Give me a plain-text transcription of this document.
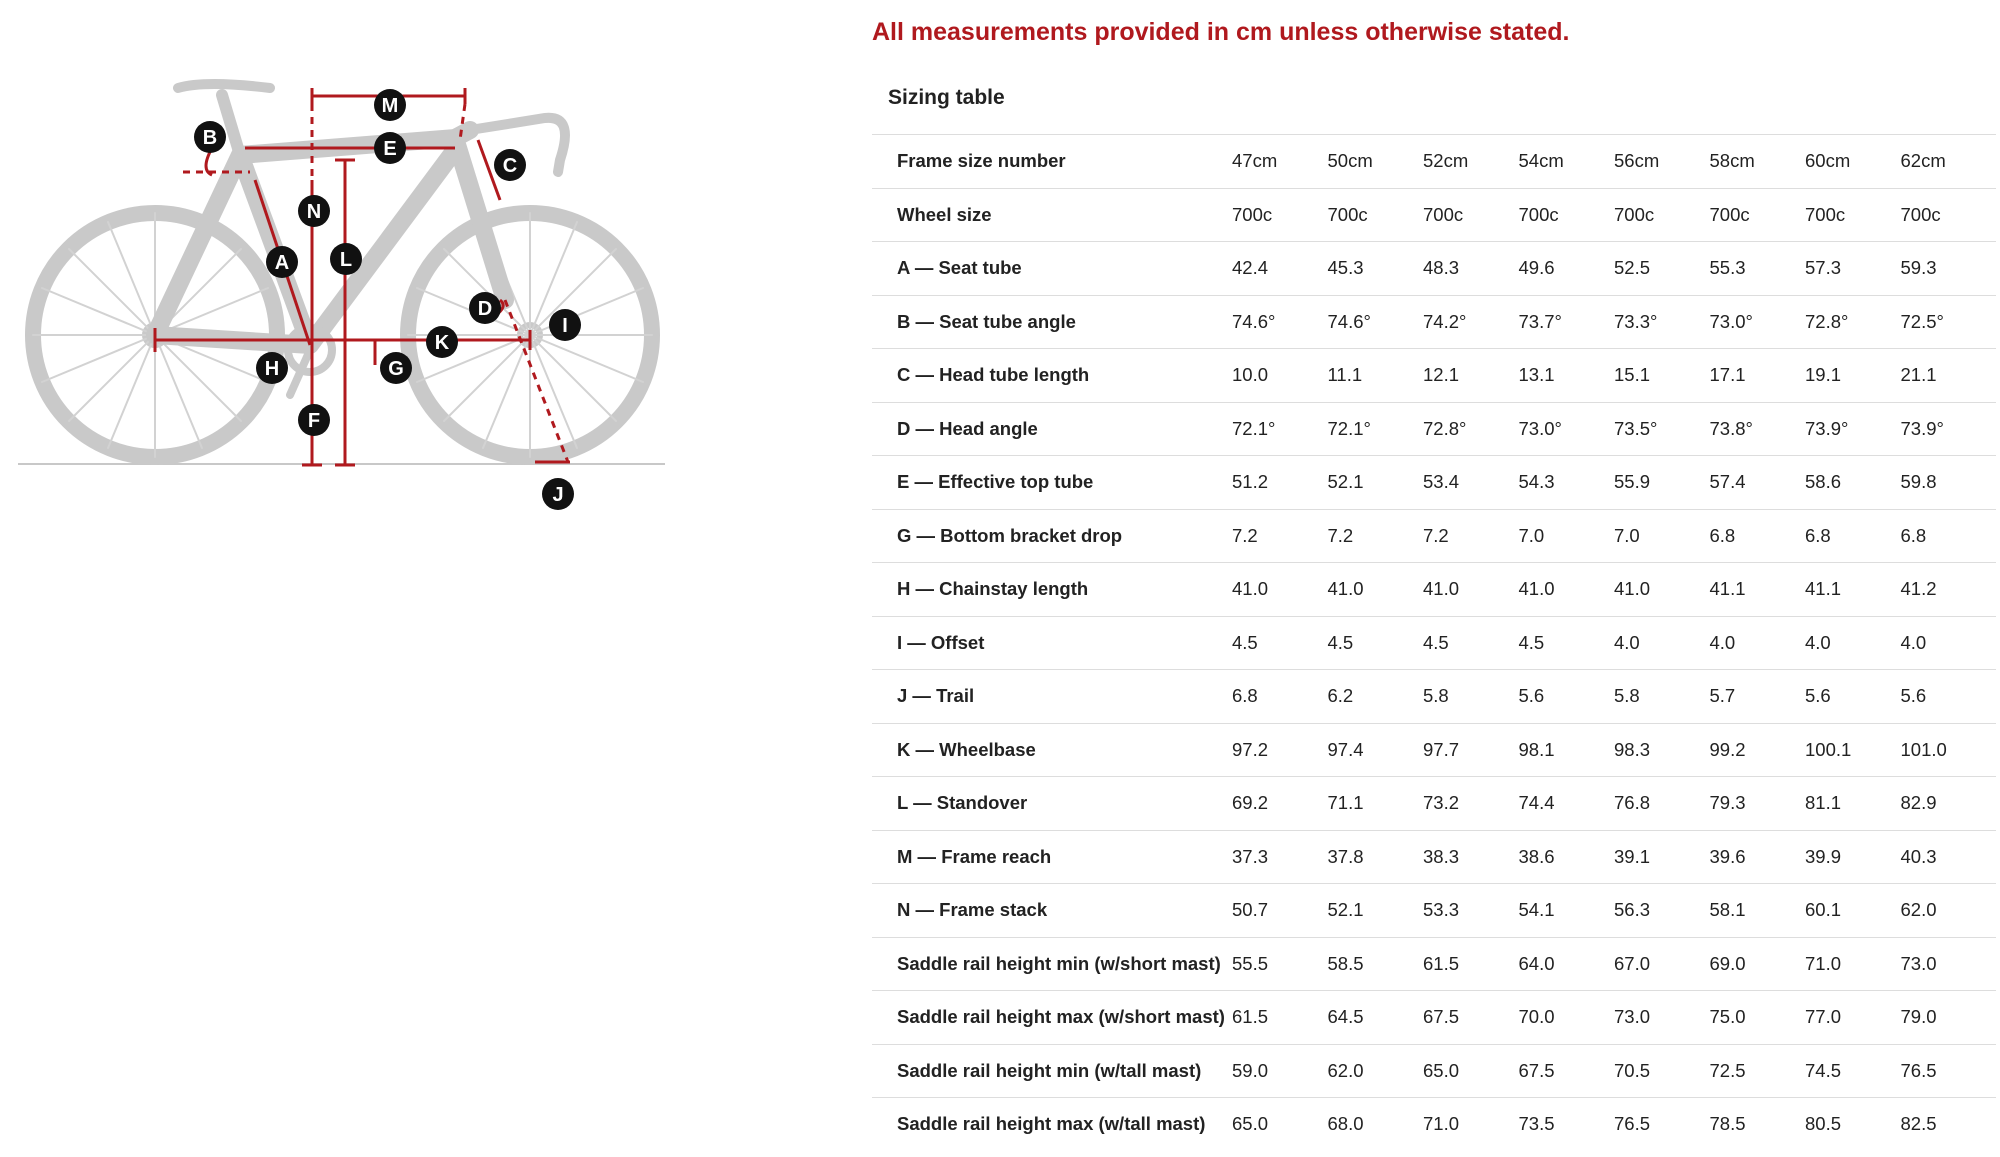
A
B
C
D
E
F
G
H
I
J
K
L
M
N
All measurements provided in cm unless otherwise stated.
Sizing table
Frame size number	47cm	50cm	52cm	54cm	56cm	58cm	60cm	62cm
Wheel size	700c	700c	700c	700c	700c	700c	700c	700c
A — Seat tube	42.4	45.3	48.3	49.6	52.5	55.3	57.3	59.3
B — Seat tube angle	74.6°	74.6°	74.2°	73.7°	73.3°	73.0°	72.8°	72.5°
C — Head tube length	10.0	11.1	12.1	13.1	15.1	17.1	19.1	21.1
D — Head angle	72.1°	72.1°	72.8°	73.0°	73.5°	73.8°	73.9°	73.9°
E — Effective top tube	51.2	52.1	53.4	54.3	55.9	57.4	58.6	59.8
G — Bottom bracket drop	7.2	7.2	7.2	7.0	7.0	6.8	6.8	6.8
H — Chainstay length	41.0	41.0	41.0	41.0	41.0	41.1	41.1	41.2
I — Offset	4.5	4.5	4.5	4.5	4.0	4.0	4.0	4.0
J — Trail	6.8	6.2	5.8	5.6	5.8	5.7	5.6	5.6
K — Wheelbase	97.2	97.4	97.7	98.1	98.3	99.2	100.1	101.0
L — Standover	69.2	71.1	73.2	74.4	76.8	79.3	81.1	82.9
M — Frame reach	37.3	37.8	38.3	38.6	39.1	39.6	39.9	40.3
N — Frame stack	50.7	52.1	53.3	54.1	56.3	58.1	60.1	62.0
Saddle rail height min (w/short mast)	55.5	58.5	61.5	64.0	67.0	69.0	71.0	73.0
Saddle rail height max (w/short mast)	61.5	64.5	67.5	70.0	73.0	75.0	77.0	79.0
Saddle rail height min (w/tall mast)	59.0	62.0	65.0	67.5	70.5	72.5	74.5	76.5
Saddle rail height max (w/tall mast)	65.0	68.0	71.0	73.5	76.5	78.5	80.5	82.5
